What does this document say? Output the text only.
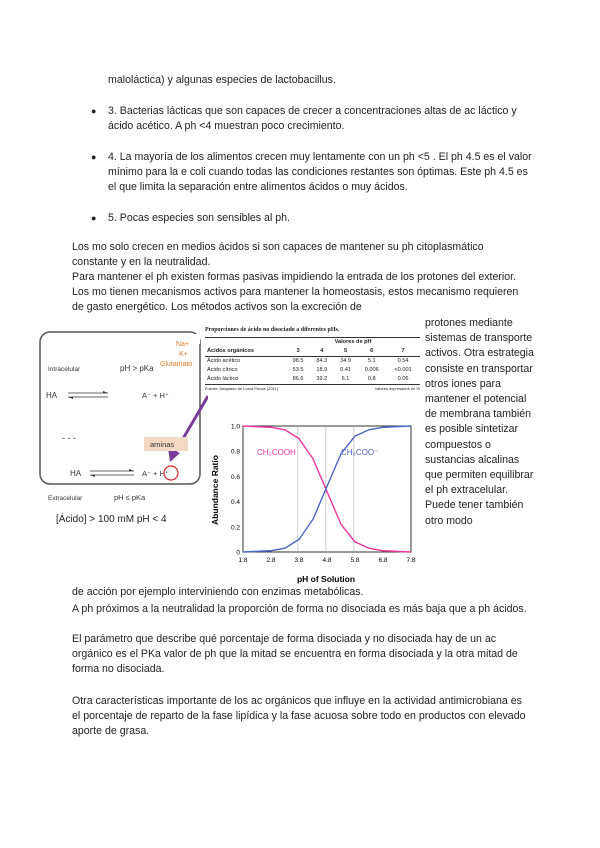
maloláctica) y algunas especies de lactobacillus.
● 3. Bacterias lácticas que son capaces de crecer a concentraciones altas de ac láctico y ácido acético. A ph <4 muestran poco crecimiento.
● 4. La mayoría de los alimentos crecen muy lentamente con un ph <5 . El ph 4.5 es el valor mínimo para la e coli cuando todas las condiciones restantes son óptimas. Este ph 4.5 es el que limita la separación entre alimentos ácidos o muy ácidos.
● 5. Pocas especies son sensibles al ph.
Los mo solo crecen en medios ácidos si son capaces de mantener su ph citoplasmático constante y en la neutralidad.
Para mantener el ph existen formas pasivas impidiendo la entrada de los protones del exterior. Los mo tienen mecanismos activos para mantener la homeostasis, estos mecanismo requieren de gasto energético. Los métodos activos son la excreción de
Intracelular	pH > pKa
Na+
K+
Glutamato
HA	A⁻ + H⁺
- - -
aminas
HA	A⁻ + H⁺
Extracelular	pH ≤ pKa
[Ácido] > 100 mM pH < 4
Proporciones de ácido no disociado a diferentes pHs.
	Valores de pH				
Ácidos orgánicos	3	4	5	6	7
Ácido acético	98.5	84.3	34.9	5.1	0.54
Ácido cítrico	53.5	18.9	0.41	0.006	<0.001
Ácido láctico	86.6	39.2	6.1	0.8	0.06
Fuente: Adaptado de Lorca Ponce (2011)	Valores expresados en %
1.8	2.8	3.8	4.8	5.8	6.8	7.8
0
0.2
0.4
0.6
0.8
1.0
CH₃COOH	CH₃COO⁻
pH of Solution
Abundance Ratio
protones mediante sistemas de transporte activos. Otra estrategia consiste en transportar otros iones para mantener el potencial de membrana también es posible sintetizar compuestos o sustancias alcalinas que permiten equilibrar el ph extracelular. Puede tener también otro modo
de acción por ejemplo interviniendo con enzimas metabólicas.
A ph próximos a la neutralidad la proporción de forma no disociada es más baja que a ph ácidos.
El parámetro que describe qué porcentaje de forma disociada y no disociada hay de un ac orgánico es el PKa valor de ph que la mitad se encuentra en forma disociada y la otra mitad de forma no disociada.
Otra características importante de los ac orgánicos que influye en la actividad antimicrobiana es el porcentaje de reparto de la fase lipídica y la fase acuosa sobre todo en productos con elevado aporte de grasa.
